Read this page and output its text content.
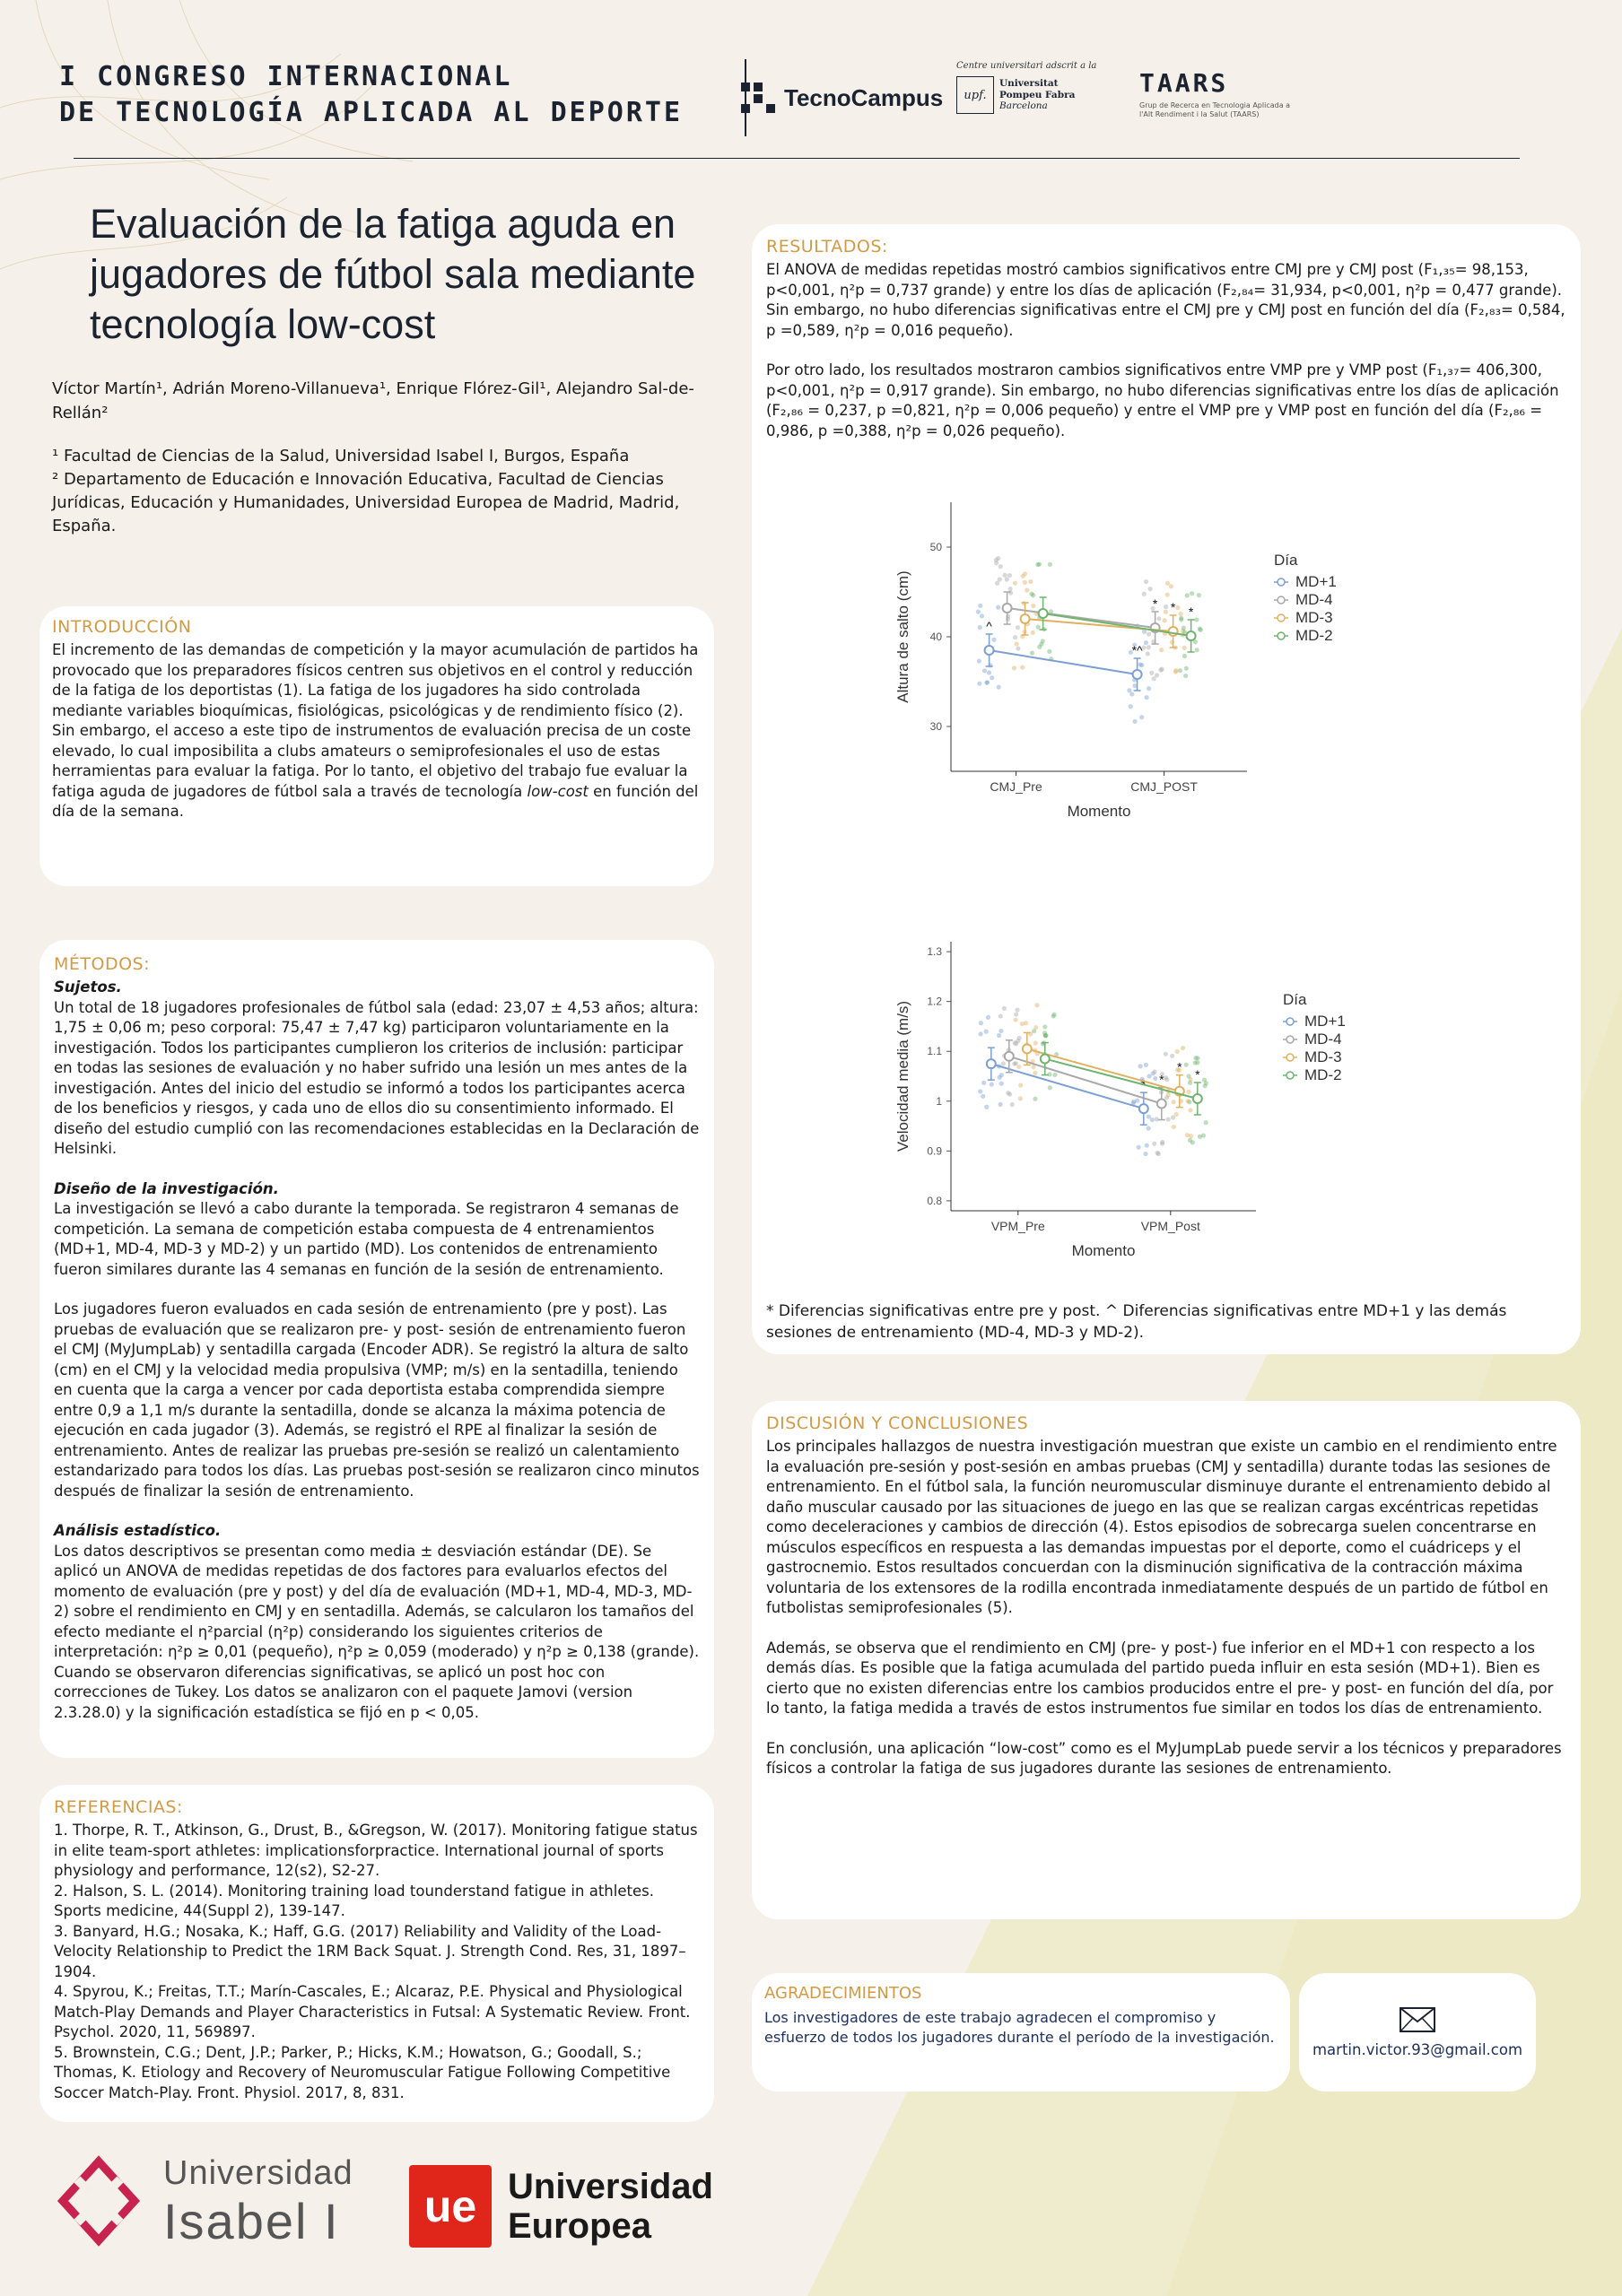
I CONGRESO INTERNACIONAL
DE TECNOLOGÍA APLICADA AL DEPORTE	TecnoCampus
Centre universitari adscrit a la
upf.
Universitat
Pompeu Fabra
Barcelona
TAARS
Grup de Recerca en Tecnologia Aplicada a l'Alt Rendiment i la Salut (TAARS)
Evaluación de la fatiga aguda en jugadores de fútbol sala mediante tecnología low-cost
Víctor Martín¹, Adrián Moreno-Villanueva¹, Enrique Flórez-Gil¹, Alejandro Sal-de-Rellán²
¹ Facultad de Ciencias de la Salud, Universidad Isabel I, Burgos, España
² Departamento de Educación e Innovación Educativa, Facultad de Ciencias Jurídicas, Educación y Humanidades, Universidad Europea de Madrid, Madrid, España.
INTRODUCCIÓN

El incremento de las demandas de competición y la mayor acumulación de partidos ha provocado que los preparadores físicos centren sus objetivos en el control y reducción de la fatiga de los deportistas (1). La fatiga de los jugadores ha sido controlada mediante variables bioquímicas, fisiológicas, psicológicas y de rendimiento físico (2). Sin embargo, el acceso a este tipo de instrumentos de evaluación precisa de un coste elevado, lo cual imposibilita a clubs amateurs o semiprofesionales el uso de estas herramientas para evaluar la fatiga. Por lo tanto, el objetivo del trabajo fue evaluar la fatiga aguda de jugadores de fútbol sala a través de tecnología low-cost en función del día de la semana.

MÉTODOS:

Sujetos.

Un total de 18 jugadores profesionales de fútbol sala (edad: 23,07 ± 4,53 años; altura: 1,75 ± 0,06 m; peso corporal: 75,47 ± 7,47 kg) participaron voluntariamente en la investigación. Todos los participantes cumplieron los criterios de inclusión: participar en todas las sesiones de evaluación y no haber sufrido una lesión un mes antes de la investigación. Antes del inicio del estudio se informó a todos los participantes acerca de los beneficios y riesgos, y cada uno de ellos dio su consentimiento informado. El diseño del estudio cumplió con las recomendaciones establecidas en la Declaración de Helsinki.

Diseño de la investigación.

La investigación se llevó a cabo durante la temporada. Se registraron 4 semanas de competición. La semana de competición estaba compuesta de 4 entrenamientos (MD+1, MD-4, MD-3 y MD-2) y un partido (MD). Los contenidos de entrenamiento fueron similares durante las 4 semanas en función de la sesión de entrenamiento.

Los jugadores fueron evaluados en cada sesión de entrenamiento (pre y post). Las pruebas de evaluación que se realizaron pre- y post- sesión de entrenamiento fueron el CMJ (MyJumpLab) y sentadilla cargada (Encoder ADR). Se registró la altura de salto (cm) en el CMJ y la velocidad media propulsiva (VMP; m/s) en la sentadilla, teniendo en cuenta que la carga a vencer por cada deportista estaba comprendida siempre entre 0,9 a 1,1 m/s durante la sentadilla, donde se alcanza la máxima potencia de ejecución en cada jugador (3). Además, se registró el RPE al finalizar la sesión de entrenamiento. Antes de realizar las pruebas pre-sesión se realizó un calentamiento estandarizado para todos los días. Las pruebas post-sesión se realizaron cinco minutos después de finalizar la sesión de entrenamiento.

Análisis estadístico.

Los datos descriptivos se presentan como media ± desviación estándar (DE). Se aplicó un ANOVA de medidas repetidas de dos factores para evaluarlos efectos del momento de evaluación (pre y post) y del día de evaluación (MD+1, MD-4, MD-3, MD-2) sobre el rendimiento en CMJ y en sentadilla. Además, se calcularon los tamaños del efecto mediante el η²parcial (η²p) considerando los siguientes criterios de interpretación: η²p ≥ 0,01 (pequeño), η²p ≥ 0,059 (moderado) y η²p ≥ 0,138 (grande). Cuando se observaron diferencias significativas, se aplicó un post hoc con correcciones de Tukey. Los datos se analizaron con el paquete Jamovi (version 2.3.28.0) y la significación estadística se fijó en p < 0,05.

REFERENCIAS:

1. Thorpe, R. T., Atkinson, G., Drust, B., &Gregson, W. (2017). Monitoring fatigue status in elite team-sport athletes: implicationsforpractice. International journal of sports physiology and performance, 12(s2), S2-27.

2. Halson, S. L. (2014). Monitoring training load tounderstand fatigue in athletes. Sports medicine, 44(Suppl 2), 139-147.

3. Banyard, H.G.; Nosaka, K.; Haff, G.G. (2017) Reliability and Validity of the Load-Velocity Relationship to Predict the 1RM Back Squat. J. Strength Cond. Res, 31, 1897–1904.

4. Spyrou, K.; Freitas, T.T.; Marín-Cascales, E.; Alcaraz, P.E. Physical and Physiological Match-Play Demands and Player Characteristics in Futsal: A Systematic Review. Front. Psychol. 2020, 11, 569897.

5. Brownstein, C.G.; Dent, J.P.; Parker, P.; Hicks, K.M.; Howatson, G.; Goodall, S.; Thomas, K. Etiology and Recovery of Neuromuscular Fatigue Following Competitive Soccer Match-Play. Front. Physiol. 2017, 8, 831.

RESULTADOS:

El ANOVA de medidas repetidas mostró cambios significativos entre CMJ pre y CMJ post (F₁,₃₅= 98,153, p<0,001, η²p = 0,737 grande) y entre los días de aplicación (F₂,₈₄= 31,934, p<0,001, η²p = 0,477 grande). Sin embargo, no hubo diferencias significativas entre el CMJ pre y CMJ post en función del día (F₂,₈₃= 0,584, p =0,589, η²p = 0,016 pequeño).

Por otro lado, los resultados mostraron cambios significativos entre VMP pre y VMP post (F₁,₃₇= 406,300, p<0,001, η²p = 0,917 grande). Sin embargo, no hubo diferencias significativas entre los días de aplicación (F₂,₈₆ = 0,237, p =0,821, η²p = 0,006 pequeño) y entre el VMP pre y VMP post en función del día (F₂,₈₆ = 0,986, p =0,388, η²p = 0,026 pequeño).

30
40
50
CMJ_Pre	CMJ_POST
Momento
Altura de salto (cm)	^
*^
* * *
Día
MD+1
MD-4
MD-3
MD-2
0.8
0.9
1
1.1
1.2
1.3
VPM_Pre	VPM_Post
Momento
Velocidad media (m/s)	*
*
*
Día
MD+1
MD-4
MD-3
MD-2
* Diferencias significativas entre pre y post. ^ Diferencias significativas entre MD+1 y las demás sesiones de entrenamiento (MD-4, MD-3 y MD-2).
DISCUSIÓN Y CONCLUSIONES

Los principales hallazgos de nuestra investigación muestran que existe un cambio en el rendimiento entre la evaluación pre-sesión y post-sesión en ambas pruebas (CMJ y sentadilla) durante todas las sesiones de entrenamiento. En el fútbol sala, la función neuromuscular disminuye durante el entrenamiento debido al daño muscular causado por las situaciones de juego en las que se realizan cargas excéntricas repetidas como deceleraciones y cambios de dirección (4). Estos episodios de sobrecarga suelen concentrarse en músculos específicos en respuesta a las demandas impuestas por el deporte, como el cuádriceps y el gastrocnemio. Estos resultados concuerdan con la disminución significativa de la contracción máxima voluntaria de los extensores de la rodilla encontrada inmediatamente después de un partido de fútbol en futbolistas semiprofesionales (5).

Además, se observa que el rendimiento en CMJ (pre- y post-) fue inferior en el MD+1 con respecto a los demás días. Es posible que la fatiga acumulada del partido pueda influir en esta sesión (MD+1). Bien es cierto que no existen diferencias entre los cambios producidos entre el pre- y post- en función del día, por lo tanto, la fatiga medida a través de estos instrumentos fue similar en todos los días de entrenamiento.

En conclusión, una aplicación “low-cost” como es el MyJumpLab puede servir a los técnicos y preparadores físicos a controlar la fatiga de sus jugadores durante las sesiones de entrenamiento.

AGRADECIMIENTOS

Los investigadores de este trabajo agradecen el compromiso y esfuerzo de todos los jugadores durante el período de la investigación.

martin.victor.93@gmail.com
Universidad
Isabel I	ue Universidad
Europea
